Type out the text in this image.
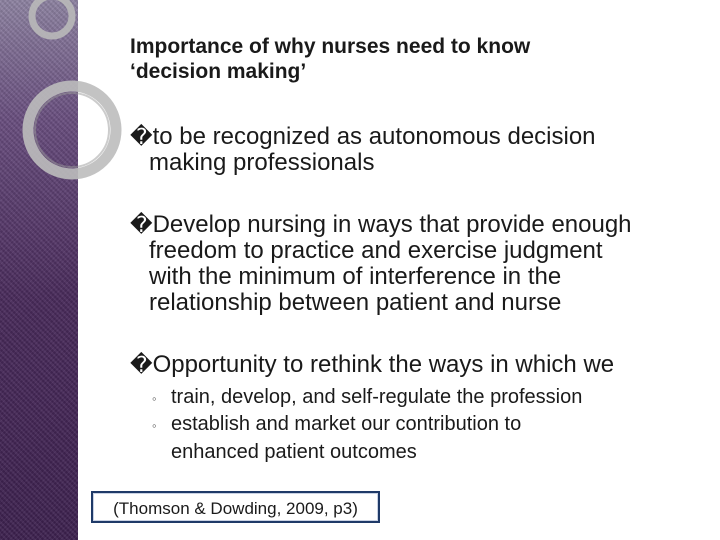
Importance of why nurses need to know
‘decision making’
�to be recognized as autonomous decision
making professionals
�Develop nursing in ways that provide enough
freedom to practice and exercise judgment
with the minimum of interference in the
relationship between patient and nurse
�Opportunity to rethink the ways in which we
◦ train, develop, and self-regulate the profession
◦ establish and market our contribution to
enhanced patient outcomes
(Thomson & Dowding, 2009, p3)
